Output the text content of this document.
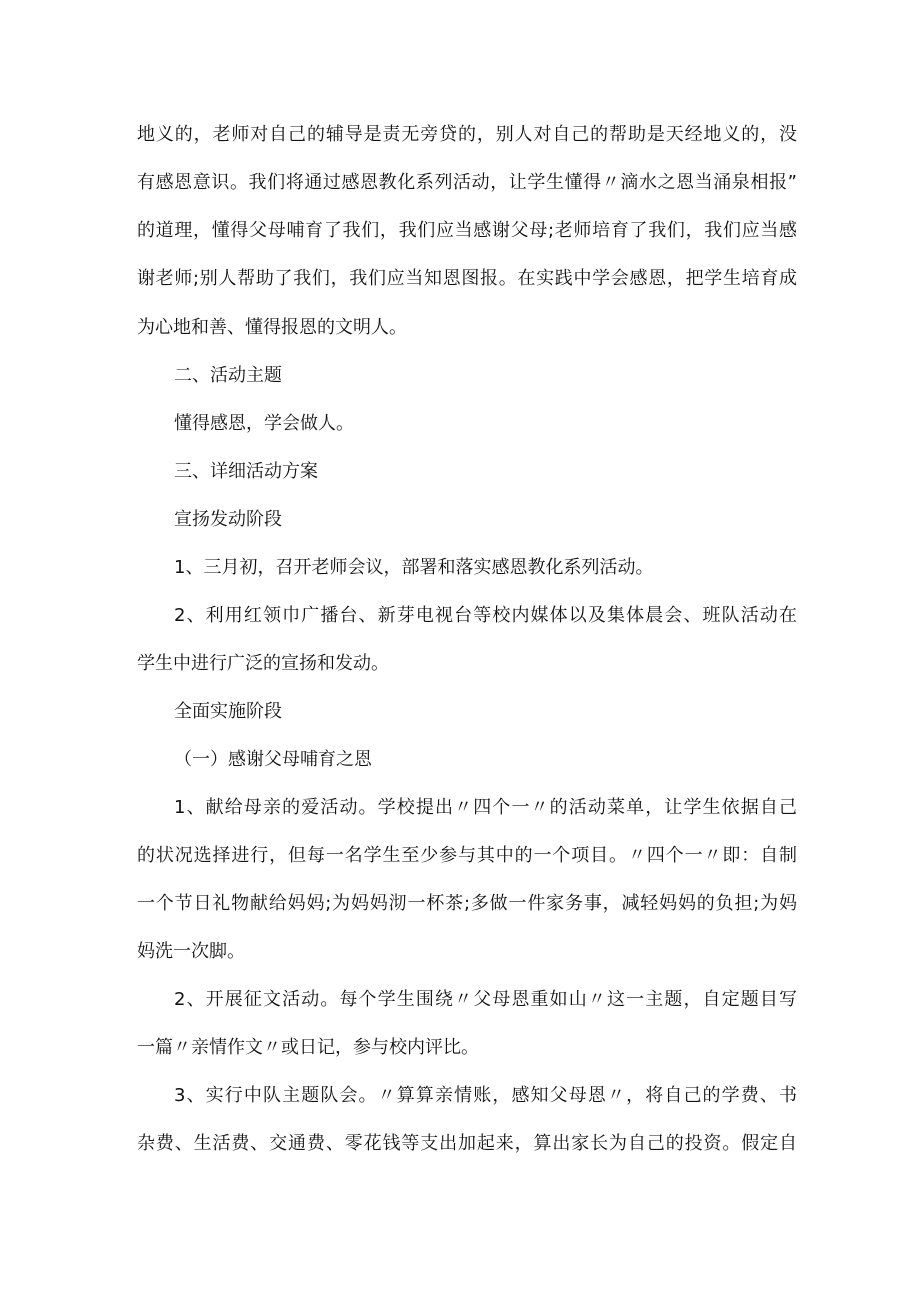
地义的，老师对自己的辅导是责无旁贷的，别人对自己的帮助是天经地义的，没
有感恩意识。我们将通过感恩教化系列活动，让学生懂得〃滴水之恩当涌泉相报”
的道理，懂得父母哺育了我们，我们应当感谢父母;老师培育了我们，我们应当感
谢老师;别人帮助了我们，我们应当知恩图报。在实践中学会感恩，把学生培育成
为心地和善、懂得报恩的文明人。
二、活动主题
懂得感恩，学会做人。
三、详细活动方案
宣扬发动阶段
1、三月初，召开老师会议，部署和落实感恩教化系列活动。
2、利用红领巾广播台、新芽电视台等校内媒体以及集体晨会、班队活动在
学生中进行广泛的宣扬和发动。
全面实施阶段
（一）感谢父母哺育之恩
1、献给母亲的爱活动。学校提出〃四个一〃的活动菜单，让学生依据自己
的状况选择进行，但每一名学生至少参与其中的一个项目。〃四个一〃即：自制
一个节日礼物献给妈妈;为妈妈沏一杯茶;多做一件家务事，减轻妈妈的负担;为妈
妈洗一次脚。
2、开展征文活动。每个学生围绕〃父母恩重如山〃这一主题，自定题目写
一篇〃亲情作文〃或日记，参与校内评比。
3、实行中队主题队会。〃算算亲情账，感知父母恩〃，将自己的学费、书
杂费、生活费、交通费、零花钱等支出加起来，算出家长为自己的投资。假定自
